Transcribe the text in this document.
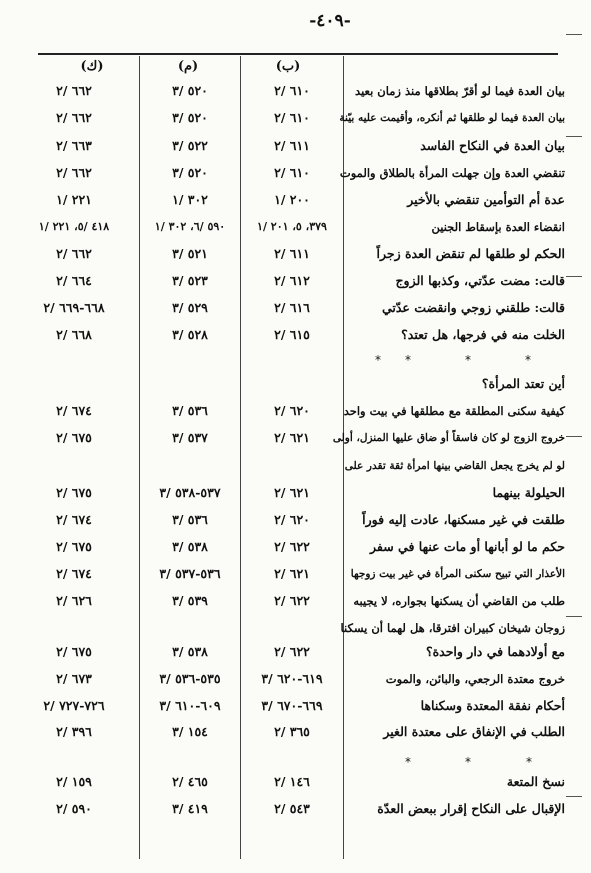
-٤٠٩-
(ك)	(م)	(ب)
بيان العدة فيما لو أقرّ بطلاقها منذ زمان بعيد
٦١٠ /٢
٥٢٠ /٣
٦٦٢ /٢
بيان العدة فيما لو طلقها ثم أنكره، وأقيمت عليه بيّنة
٦١٠ /٢
٥٢٠ /٣
٦٦٢ /٢
بيان العدة في النكاح الفاسد
٦١١ /٢
٥٢٢ /٣
٦٦٣ /٢
تنقضي العدة وإن جهلت المرأة بالطلاق والموت
٦١٠ /٢
٥٢٠ /٣
٦٦٢ /٢
عدة أم التوأمين تنقضي بالأخير
٢٠٠ /١
٣٠٢ /١
٢٢١ /١
انقضاء العدة بإسقاط الجنين
٣٧٩، ٥، ٢٠١ /١
٥٩٠ /٦، ٣٠٢ /١
٤١٨ /٥، ٢٢١ /١
الحكم لو طلقها لم تنقض العدة زجراً
٦١١ /٢
٥٢١ /٣
٦٦٢ /٢
قالت: مضت عدّتي، وكذبها الزوج
٦١٢ /٢
٥٢٣ /٣
٦٦٤ /٢
قالت: طلقني زوجي وانقضت عدّتي
٦١٦ /٢
٥٢٩ /٣
٦٦٨-٦٦٩ /٢
الخلت منه في فرجها، هل تعتد؟
٦١٥ /٢
٥٢٨ /٣
٦٦٨ /٢
*
*
*
*
أين تعتد المرأة؟
كيفية سكنى المطلقة مع مطلقها في بيت واحد
٦٢٠ /٢
٥٣٦ /٣
٦٧٤ /٢
خروج الزوج لو كان فاسقاً أو ضاق عليها المنزل، أولى
٦٢١ /٢
٥٣٧ /٣
٦٧٥ /٢
لو لم يخرج يجعل القاضي بينها امرأة ثقة تقدر على
الحيلولة بينهما
٦٢١ /٢
٥٣٧-٥٣٨ /٣
٦٧٥ /٢
طلقت في غير مسكنها، عادت إليه فوراً
٦٢٠ /٢
٥٣٦ /٣
٦٧٤ /٢
حكم ما لو أبانها أو مات عنها في سفر
٦٢٢ /٢
٥٣٨ /٣
٦٧٥ /٢
الأعذار التي تبيح سكنى المرأة في غير بيت زوجها
٦٢١ /٢
٥٣٦-٥٣٧ /٣
٦٧٤ /٢
طلب من القاضي أن يسكنها بجواره، لا يجيبه
٦٢٢ /٢
٥٣٩ /٣
٦٢٦ /٢
زوجان شيخان كبيران افترقا، هل لهما أن يسكنا
مع أولادهما في دار واحدة؟
٦٢٢ /٢
٥٣٨ /٣
٦٧٥ /٢
خروج معتدة الرجعي، والبائن، والموت
٦١٩-٦٢٠ /٣
٥٣٥-٥٣٦ /٣
٦٧٣ /٢
أحكام نفقة المعتدة وسكناها
٦٦٩-٦٧٠ /٣
٦٠٩-٦١٠ /٣
٧٢٦-٧٢٧ /٢
الطلب في الإنفاق على معتدة الغير
٣٦٥ /٢
١٥٤ /٣
٣٩٦ /٢
*
*
*
نسخ المتعة
١٤٦ /٢
٤٦٥ /٢
١٥٩ /٢
الإقبال على النكاح إقرار ببعض العدّة
٥٤٣ /٢
٤١٩ /٣
٥٩٠ /٢
